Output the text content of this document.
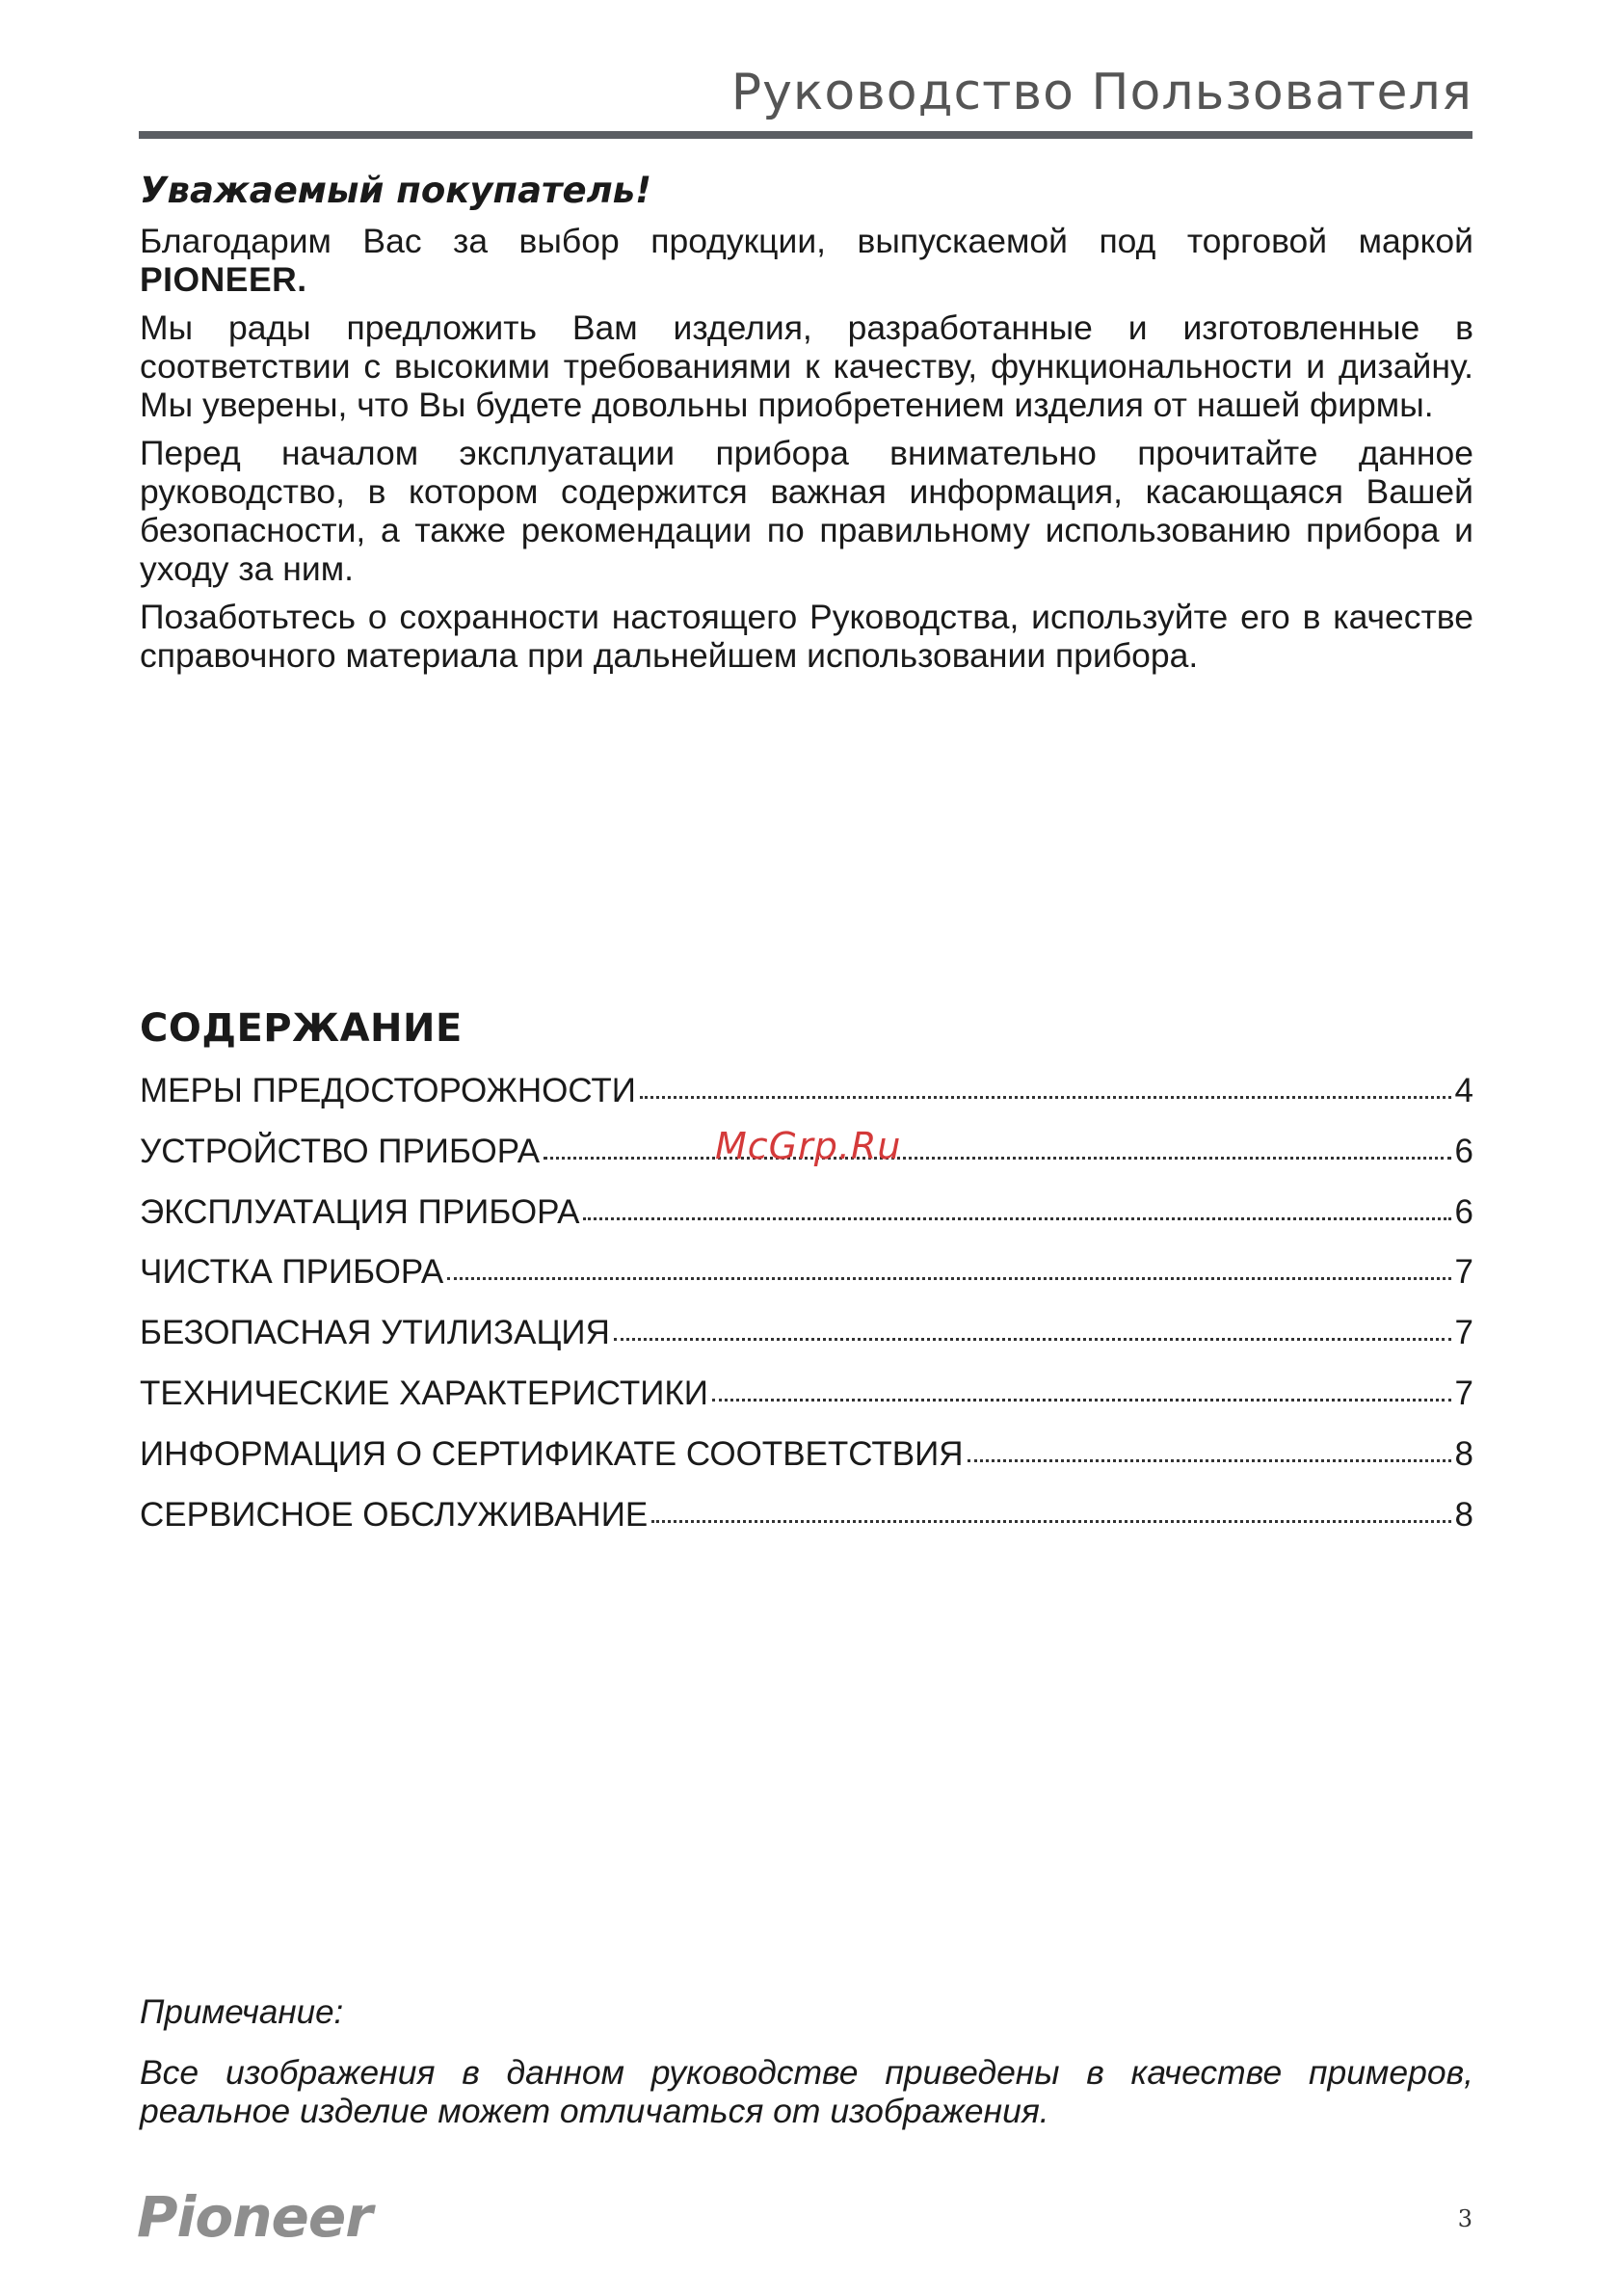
Руководство Пользователя
Уважаемый покупатель!

Благодарим Вас за выбор продукции, выпускаемой под торговой маркой PIONEER.

Мы рады предложить Вам изделия, разработанные и изготовленные в соответствии с высокими требованиями к качеству, функциональности и дизайну. Мы уверены, что Вы будете довольны приобретением изделия от нашей фирмы.

Перед началом эксплуатации прибора внимательно прочитайте данное руководство, в котором содержится важная информация, касающаяся Вашей безопасности, а также рекомендации по правильному использованию прибора и уходу за ним.

Позаботьтесь о сохранности настоящего Руководства, используйте его в качестве справочного материала при дальнейшем использовании прибора.

СОДЕРЖАНИЕ
МЕРЫ ПРЕДОСТОРОЖНОСТИ	4
УСТРОЙСТВО ПРИБОРА	6
ЭКСПЛУАТАЦИЯ ПРИБОРА	6
ЧИСТКА ПРИБОРА	7
БЕЗОПАСНАЯ УТИЛИЗАЦИЯ	7
ТЕХНИЧЕСКИЕ ХАРАКТЕРИСТИКИ	7
ИНФОРМАЦИЯ О СЕРТИФИКАТЕ СООТВЕТСТВИЯ	8
СЕРВИСНОЕ ОБСЛУЖИВАНИЕ	8
McGrp.Ru

Примечание:

Все изображения в данном руководстве приведены в качестве примеров, реальное изделие может отличаться от изображения.

Pioneer	3
